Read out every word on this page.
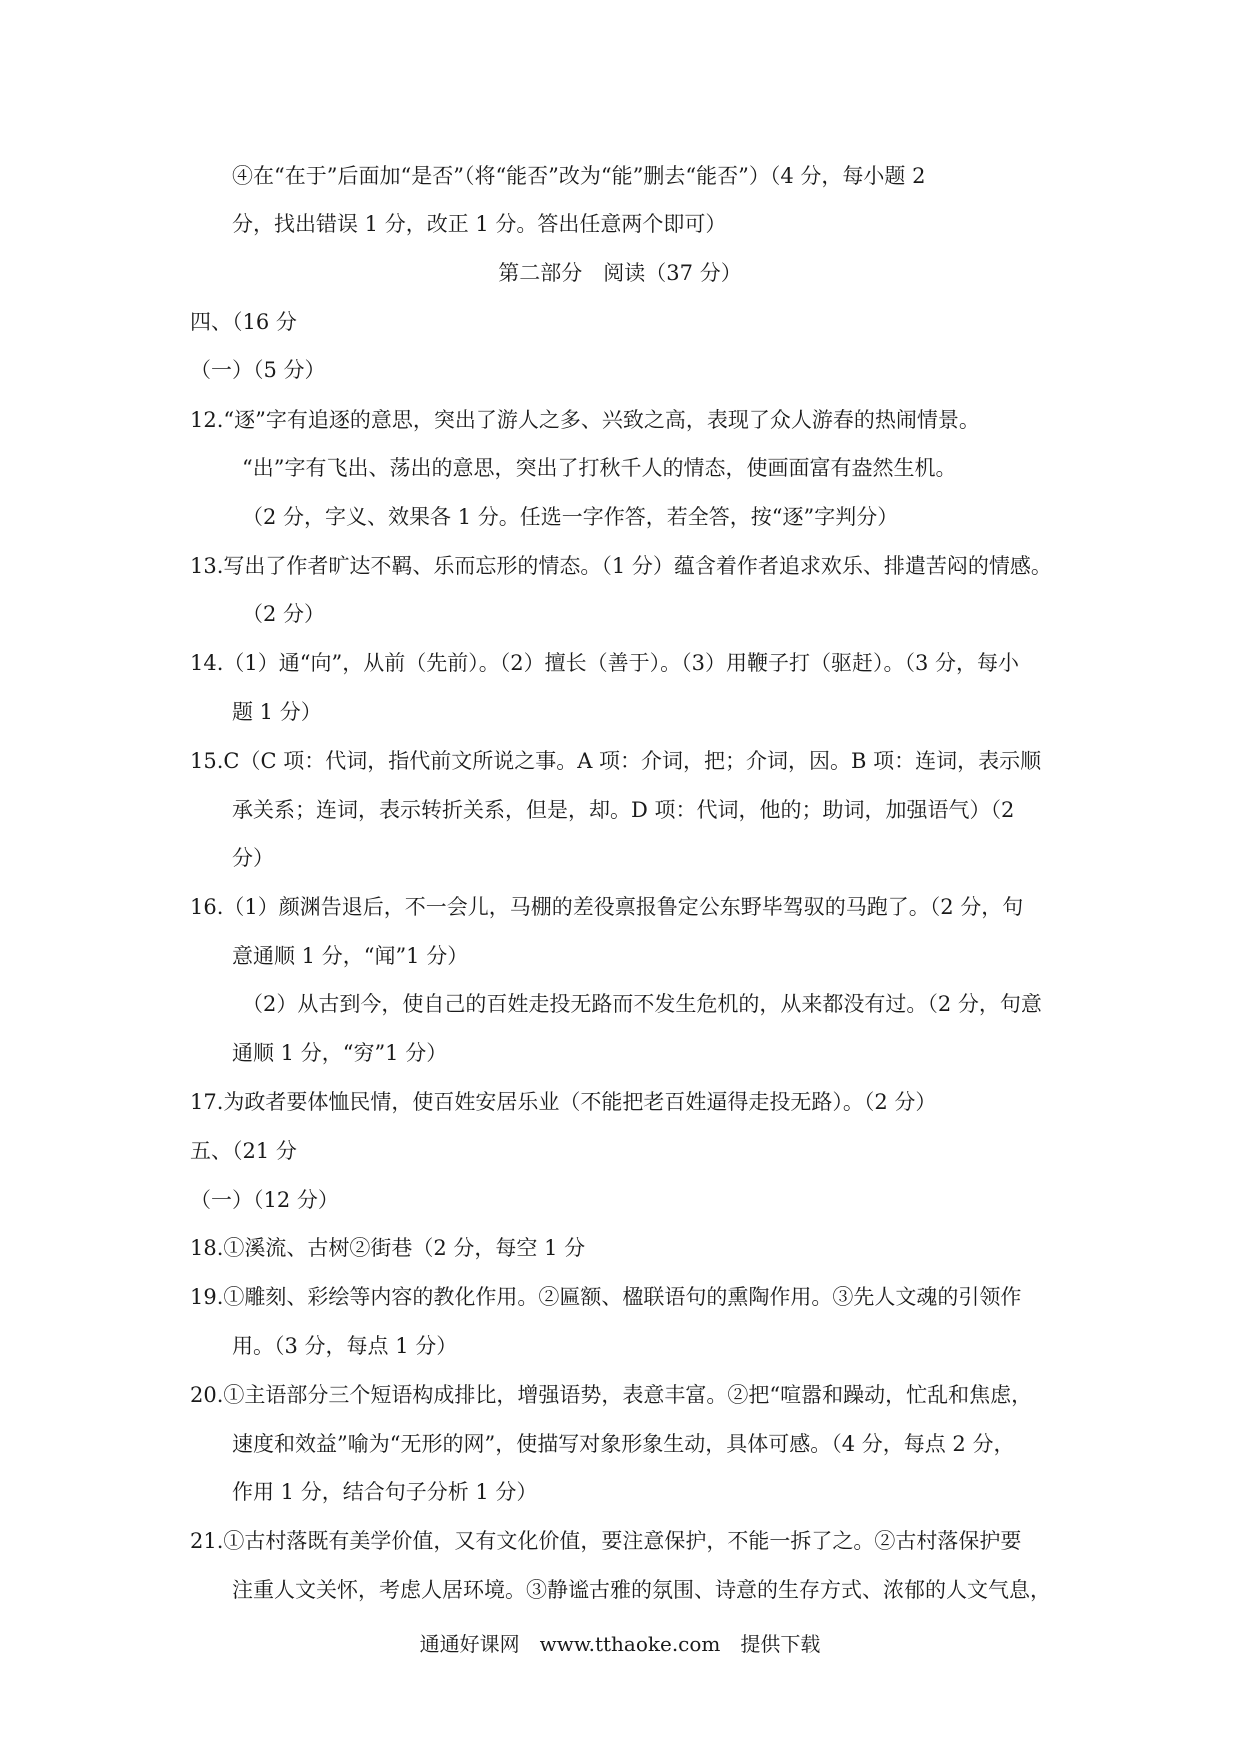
④在“在于”后面加“是否”（将“能否”改为“能”删去“能否”）（4 分，每小题 2

分，找出错误 1 分，改正 1 分。答出任意两个即可）

第二部分　阅读（37 分）

四、（16 分

（一）（5 分）

12.“逐”字有追逐的意思，突出了游人之多、兴致之高，表现了众人游春的热闹情景。

“出”字有飞出、荡出的意思，突出了打秋千人的情态，使画面富有盎然生机。

（2 分，字义、效果各 1 分。任选一字作答，若全答，按“逐”字判分）

13.写出了作者旷达不羁、乐而忘形的情态。（1 分）蕴含着作者追求欢乐、排遣苦闷的情感。

（2 分）

14.（1）通“向”，从前（先前）。（2）擅长（善于）。（3）用鞭子打（驱赶）。（3 分，每小

题 1 分）

15.C（C 项：代词，指代前文所说之事。A 项：介词，把；介词，因。B 项：连词，表示顺

承关系；连词，表示转折关系，但是，却。D 项：代词，他的；助词，加强语气）（2

分）

16.（1）颜渊告退后，不一会儿，马棚的差役禀报鲁定公东野毕驾驭的马跑了。（2 分，句

意通顺 1 分，“闻”1 分）

（2）从古到今，使自己的百姓走投无路而不发生危机的，从来都没有过。（2 分，句意

通顺 1 分，“穷”1 分）

17.为政者要体恤民情，使百姓安居乐业（不能把老百姓逼得走投无路）。（2 分）

五、（21 分

（一）（12 分）

18.①溪流、古树②街巷（2 分，每空 1 分

19.①雕刻、彩绘等内容的教化作用。②匾额、楹联语句的熏陶作用。③先人文魂的引领作

用。（3 分，每点 1 分）

20.①主语部分三个短语构成排比，增强语势，表意丰富。②把“喧嚣和躁动，忙乱和焦虑，

速度和效益”喻为“无形的网”，使描写对象形象生动，具体可感。（4 分，每点 2 分，

作用 1 分，结合句子分析 1 分）

21.①古村落既有美学价值，又有文化价值，要注意保护，不能一拆了之。②古村落保护要

注重人文关怀，考虑人居环境。③静谧古雅的氛围、诗意的生存方式、浓郁的人文气息，

通通好课网　www.tthaoke.com　提供下载
